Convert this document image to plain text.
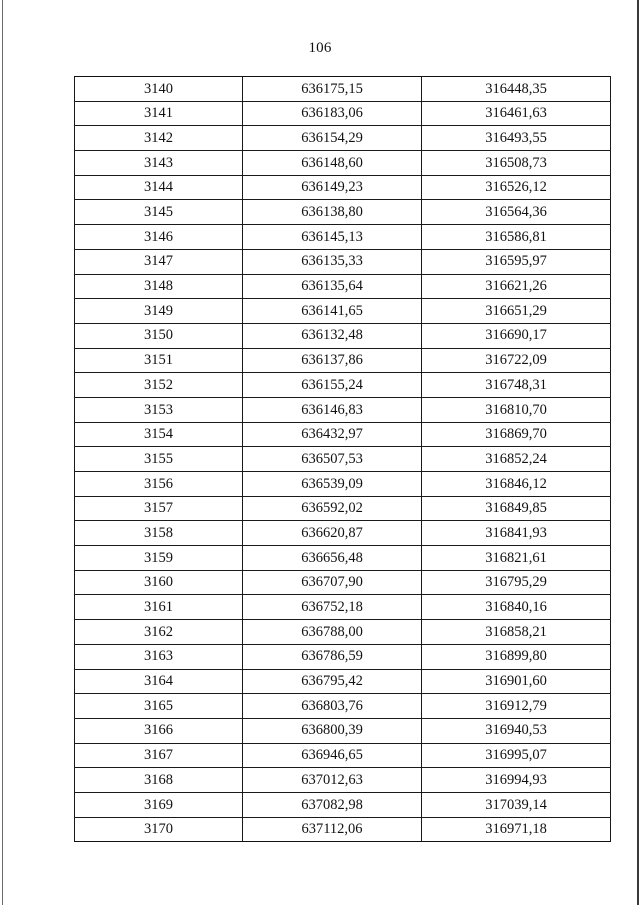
106
3140	636175,15	316448,35
3141	636183,06	316461,63
3142	636154,29	316493,55
3143	636148,60	316508,73
3144	636149,23	316526,12
3145	636138,80	316564,36
3146	636145,13	316586,81
3147	636135,33	316595,97
3148	636135,64	316621,26
3149	636141,65	316651,29
3150	636132,48	316690,17
3151	636137,86	316722,09
3152	636155,24	316748,31
3153	636146,83	316810,70
3154	636432,97	316869,70
3155	636507,53	316852,24
3156	636539,09	316846,12
3157	636592,02	316849,85
3158	636620,87	316841,93
3159	636656,48	316821,61
3160	636707,90	316795,29
3161	636752,18	316840,16
3162	636788,00	316858,21
3163	636786,59	316899,80
3164	636795,42	316901,60
3165	636803,76	316912,79
3166	636800,39	316940,53
3167	636946,65	316995,07
3168	637012,63	316994,93
3169	637082,98	317039,14
3170	637112,06	316971,18
